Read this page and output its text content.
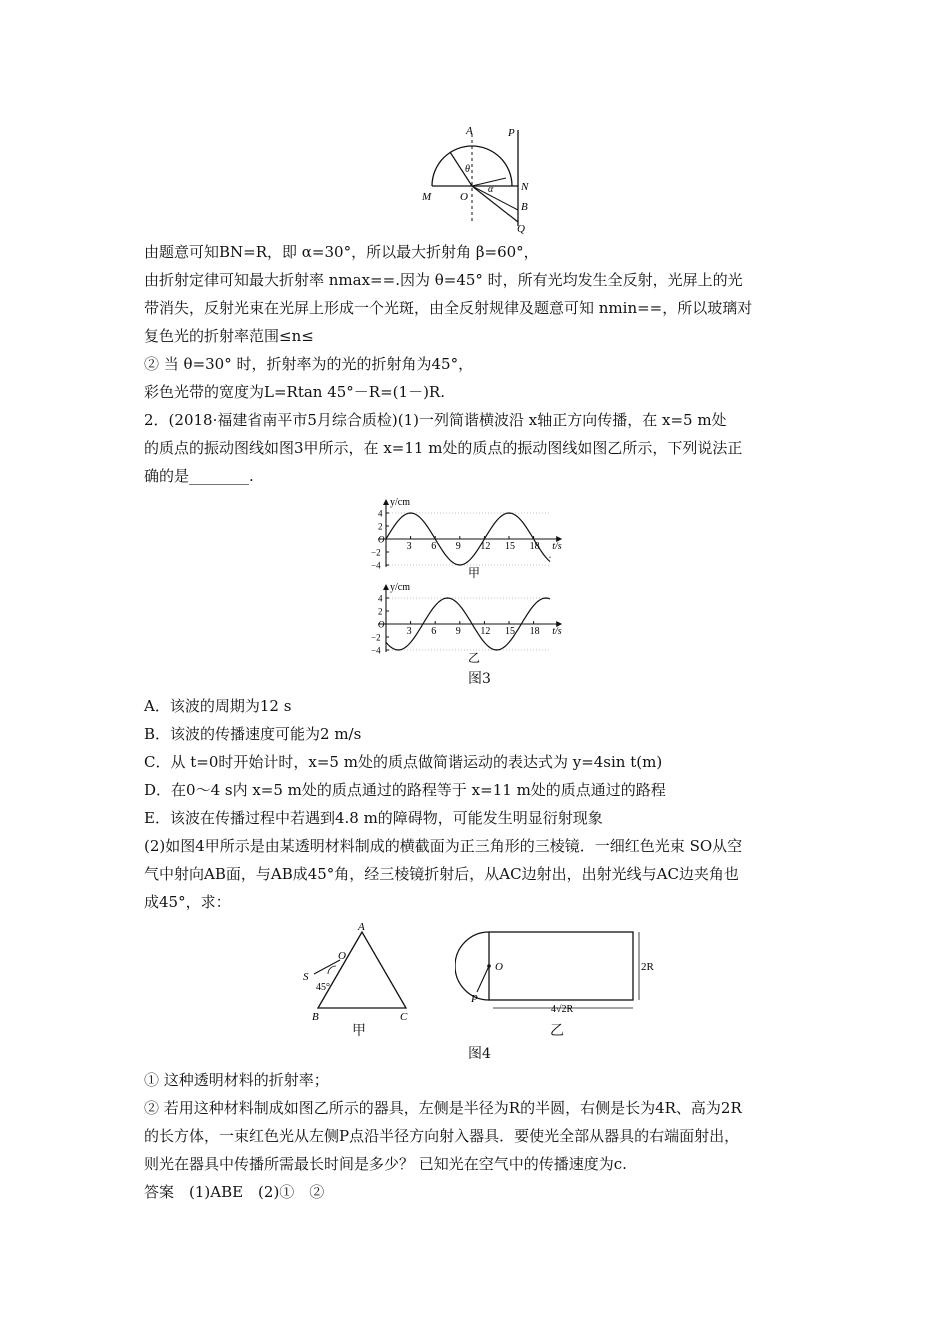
A	P
θ
M	O
α	N
B
Q
由题意可知BN=R，即 α=30°，所以最大折射角 β=60°，
由折射定律可知最大折射率 nmax==.因为 θ=45° 时，所有光均发生全反射，光屏上的光
带消失，反射光束在光屏上形成一个光斑，由全反射规律及题意可知 nmin==，所以玻璃对
复色光的折射率范围≤n≤
② 当 θ=30° 时，折射率为的光的折射角为45°，
彩色光带的宽度为L=Rtan 45°－R=(1－)R.
2．(2018·福建省南平市5月综合质检)(1)一列简谐横波沿 x轴正方向传播，在 x=5 m处
的质点的振动图线如图3甲所示，在 x=11 m处的质点的振动图线如图乙所示，下列说法正
确的是________.
3 6 9 12 15 18
4
2
O
−2
−4
y/cm
t/s
甲
3 6 9 12 15 18
4
2
O
−2
−4
y/cm
t/s
乙
图3
A．该波的周期为12 s
B．该波的传播速度可能为2 m/s
C．从 t=0时开始计时，x=5 m处的质点做简谐运动的表达式为 y=4sin t(m)
D．在0～4 s内 x=5 m处的质点通过的路程等于 x=11 m处的质点通过的路程
E．该波在传播过程中若遇到4.8 m的障碍物，可能发生明显衍射现象
(2)如图4甲所示是由某透明材料制成的横截面为正三角形的三棱镜．一细红色光束 SO从空
气中射向AB面，与AB成45°角，经三棱镜折射后，从AC边射出，出射光线与AC边夹角也
成45°，求：
A
S
O
45°
B	C
甲
O
P
2R
4√2R
乙
图4
① 这种透明材料的折射率；
② 若用这种材料制成如图乙所示的器具，左侧是半径为R的半圆，右侧是长为4R、高为2R
的长方体，一束红色光从左侧P点沿半径方向射入器具．要使光全部从器具的右端面射出，
则光在器具中传播所需最长时间是多少？ 已知光在空气中的传播速度为c.
答案　(1)ABE　(2)①　②
